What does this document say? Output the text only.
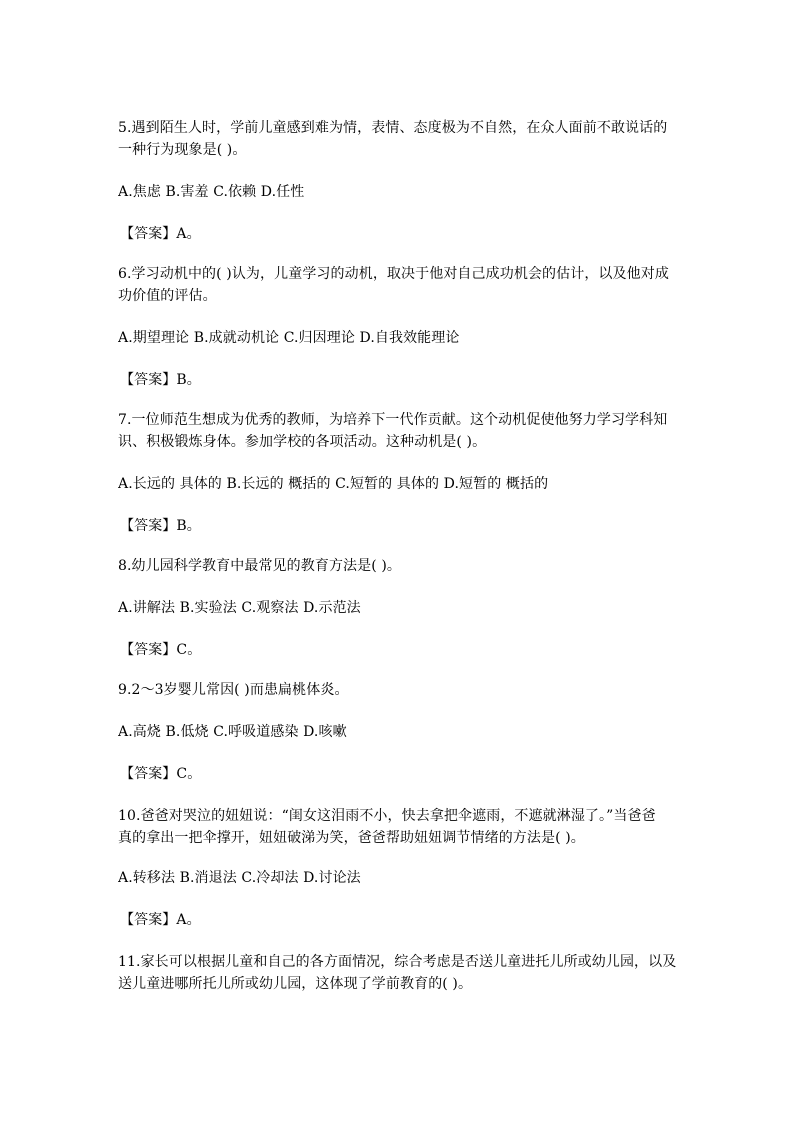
5.遇到陌生人时，学前儿童感到难为情，表情、态度极为不自然，在众人面前不敢说话的
一种行为现象是( )。
A.焦虑 B.害羞 C.依赖 D.任性
【答案】A。
6.学习动机中的( )认为，儿童学习的动机，取决于他对自己成功机会的估计，以及他对成
功价值的评估。
A.期望理论 B.成就动机论 C.归因理论 D.自我效能理论
【答案】B。
7.一位师范生想成为优秀的教师，为培养下一代作贡献。这个动机促使他努力学习学科知
识、积极锻炼身体。参加学校的各项活动。这种动机是( )。
A.长远的 具体的 B.长远的 概括的 C.短暂的 具体的 D.短暂的 概括的
【答案】B。
8.幼儿园科学教育中最常见的教育方法是( )。
A.讲解法 B.实验法 C.观察法 D.示范法
【答案】C。
9.2～3岁婴儿常因( )而患扁桃体炎。
A.高烧 B.低烧 C.呼吸道感染 D.咳嗽
【答案】C。
10.爸爸对哭泣的妞妞说：“闺女这泪雨不小，快去拿把伞遮雨，不遮就淋湿了。”当爸爸
真的拿出一把伞撑开，妞妞破涕为笑，爸爸帮助妞妞调节情绪的方法是( )。
A.转移法 B.消退法 C.冷却法 D.讨论法
【答案】A。
11.家长可以根据儿童和自己的各方面情况，综合考虑是否送儿童进托儿所或幼儿园，以及
送儿童进哪所托儿所或幼儿园，这体现了学前教育的( )。
